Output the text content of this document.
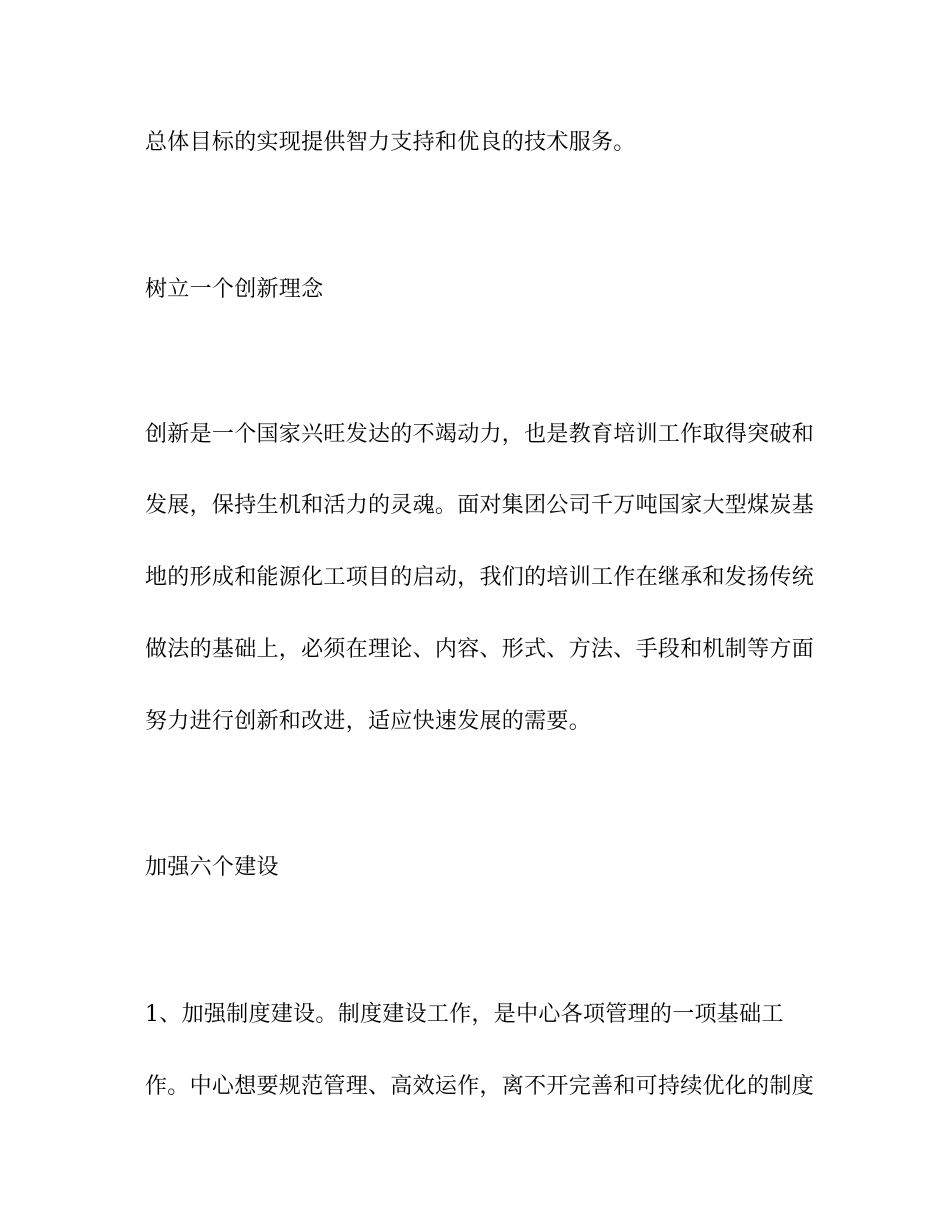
总体目标的实现提供智力支持和优良的技术服务。
树立一个创新理念
创新是一个国家兴旺发达的不竭动力，也是教育培训工作取得突破和
发展，保持生机和活力的灵魂。面对集团公司千万吨国家大型煤炭基
地的形成和能源化工项目的启动，我们的培训工作在继承和发扬传统
做法的基础上，必须在理论、内容、形式、方法、手段和机制等方面
努力进行创新和改进，适应快速发展的需要。
加强六个建设
1、加强制度建设。制度建设工作，是中心各项管理的一项基础工
作。中心想要规范管理、高效运作，离不开完善和可持续优化的制度
